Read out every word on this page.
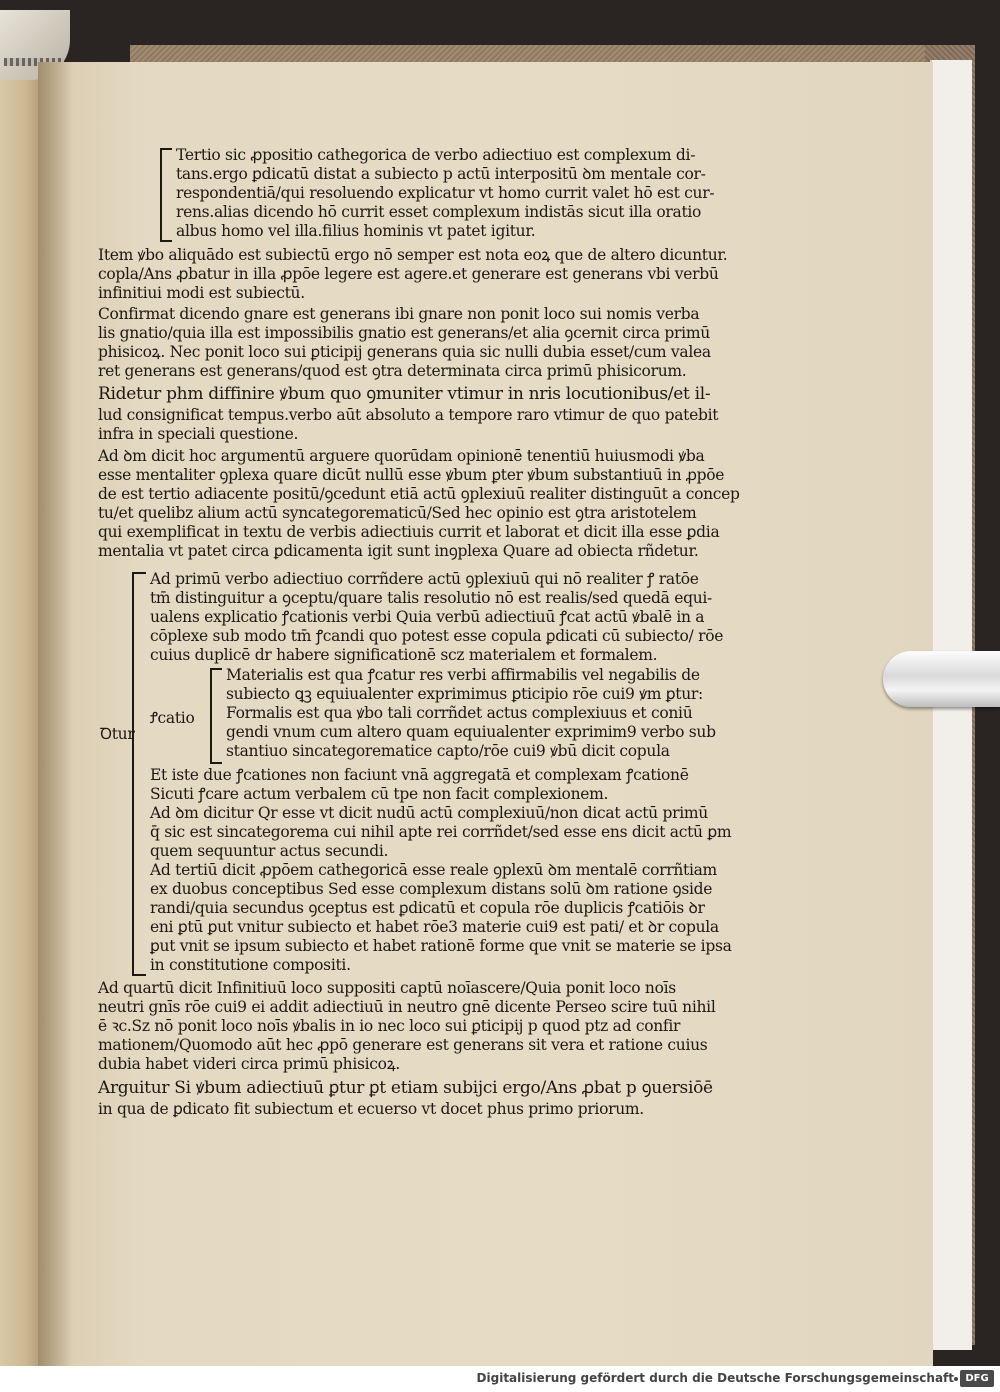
Tertio sic ꝓpositio cathegorica de verbo adiectiuo est complexum di-
tans.ergo ꝑdicatū distat a subiecto p actū interpositū ꝺm mentale cor-
respondentiā/qui resoluendo explicatur vt homo currit valet hō est cur-
rens.alias dicendo hō currit esset complexum indistās sicut illa oratio
albus homo vel illa.filius hominis vt patet igitur.
Item ꝟbo aliquādo est subiectū ergo nō semper est nota eoꝝ que de altero dicuntur.
copla/Ans ꝓbatur in illa ꝓpōe legere est agere.et generare est generans vbi verbū
infinitiui modi est subiectū.
Confirmat dicendo gnare est generans ibi gnare non ponit loco sui nomis verba
lis gnatio/quia illa est impossibilis gnatio est generans/et alia ꝯcernit circa primū
phisicoꝝ. Nec ponit loco sui ꝑticipij generans quia sic nulli dubia esset/cum valea
ret generans est generans/quod est ꝯtra determinata circa primū phisicorum.
Ridetur phm diffinire ꝟbum quo ꝯmuniter vtimur in nris locutionibus/et il-
lud consignificat tempus.verbo aūt absoluto a tempore raro vtimur de quo patebit
infra in speciali questione.
Ad ꝺm dicit hoc argumentū arguere quorūdam opinionē tenentiū huiusmodi ꝟba
esse mentaliter ꝯplexa quare dicūt nullū esse ꝟbum ꝑter ꝟbum substantiuū in ꝓpōe
de est tertio adiacente positū/ꝯcedunt etiā actū ꝯplexiuū realiter distinguūt a concep
tu/et quelibz alium actū syncategorematicū/Sed hec opinio est ꝯtra aristotelem
qui exemplificat in textu de verbis adiectiuis currit et laborat et dicit illa esse ꝑdia
mentalia vt patet circa ꝑdicamenta igit sunt inꝯplexa Quare ad obiecta rñdetur.
Ꝺtur
Ad primū verbo adiectiuo corrñdere actū ꝯplexiuū qui nō realiter ꝭ ratōe
tm̄ distinguitur a ꝯceptu/quare talis resolutio nō est realis/sed quedā equi-
ualens explicatio ꝭcationis verbi Quia verbū adiectiuū ꝭcat actū ꝟbalē in a
cōplexe sub modo tm̄ ꝭcandi quo potest esse copula ꝑdicati cū subiecto/ rōe
cuius duplicē dr habere significationē scz materialem et formalem.
Ꝭcatio
Materialis est qua ꝭcatur res verbi affirmabilis vel negabilis de
subiecto ꝗꝫ equiualenter exprimimus ꝑticipio rōe cui9 ꝟm ꝑtur:
Formalis est qua ꝟbo tali corrñdet actus complexiuus et coniū
gendi vnum cum altero quam equiualenter exprimim9 verbo sub
stantiuo sincategorematice capto/rōe cui9 ꝟbū dicit copula
Et iste due ꝭcationes non faciunt vnā aggregatā et complexam ꝭcationē
Sicuti ꝭcare actum verbalem cū tpe non facit complexionem.
Ad ꝺm dicitur Qr esse vt dicit nudū actū complexiuū/non dicat actū primū
q̄ sic est sincategorema cui nihil apte rei corrñdet/sed esse ens dicit actū ꝑm
quem sequuntur actus secundi.
Ad tertiū dicit ꝓpōem cathegoricā esse reale ꝯplexū ꝺm mentalē corrñtiam
ex duobus conceptibus Sed esse complexum distans solū ꝺm ratione ꝯside
randi/quia secundus ꝯceptus est ꝑdicatū et copula rōe duplicis ꝭcatiōis ꝺr
eni ꝑtū ꝑut vnitur subiecto et habet rōe3 materie cui9 est pati/ et ꝺr copula
ꝑut vnit se ipsum subiecto et habet rationē forme que vnit se materie se ipsa
in constitutione compositi.
Ad quartū dicit Infinitiuū loco suppositi captū noīascere/Quia ponit loco noīs
neutri gnīs rōe cui9 ei addit adiectiuū in neutro gnē dicente Perseo scire tuū nihil
ē ꝛc.Sz nō ponit loco noīs ꝟbalis in io nec loco sui ꝑticipij p quod ptz ad confir
mationem/Quomodo aūt hec ꝓpō generare est generans sit vera et ratione cuius
dubia habet videri circa primū phisicoꝝ.
Arguitur Si ꝟbum adiectiuū ꝑtur ꝑt etiam subijci ergo/Ans ꝓbat p ꝯuersiōē
in qua de ꝑdicato fit subiectum et ecuerso vt docet phus primo priorum.
Digitalisierung gefördert durch die Deutsche Forschungsgemeinschaft	DFG
